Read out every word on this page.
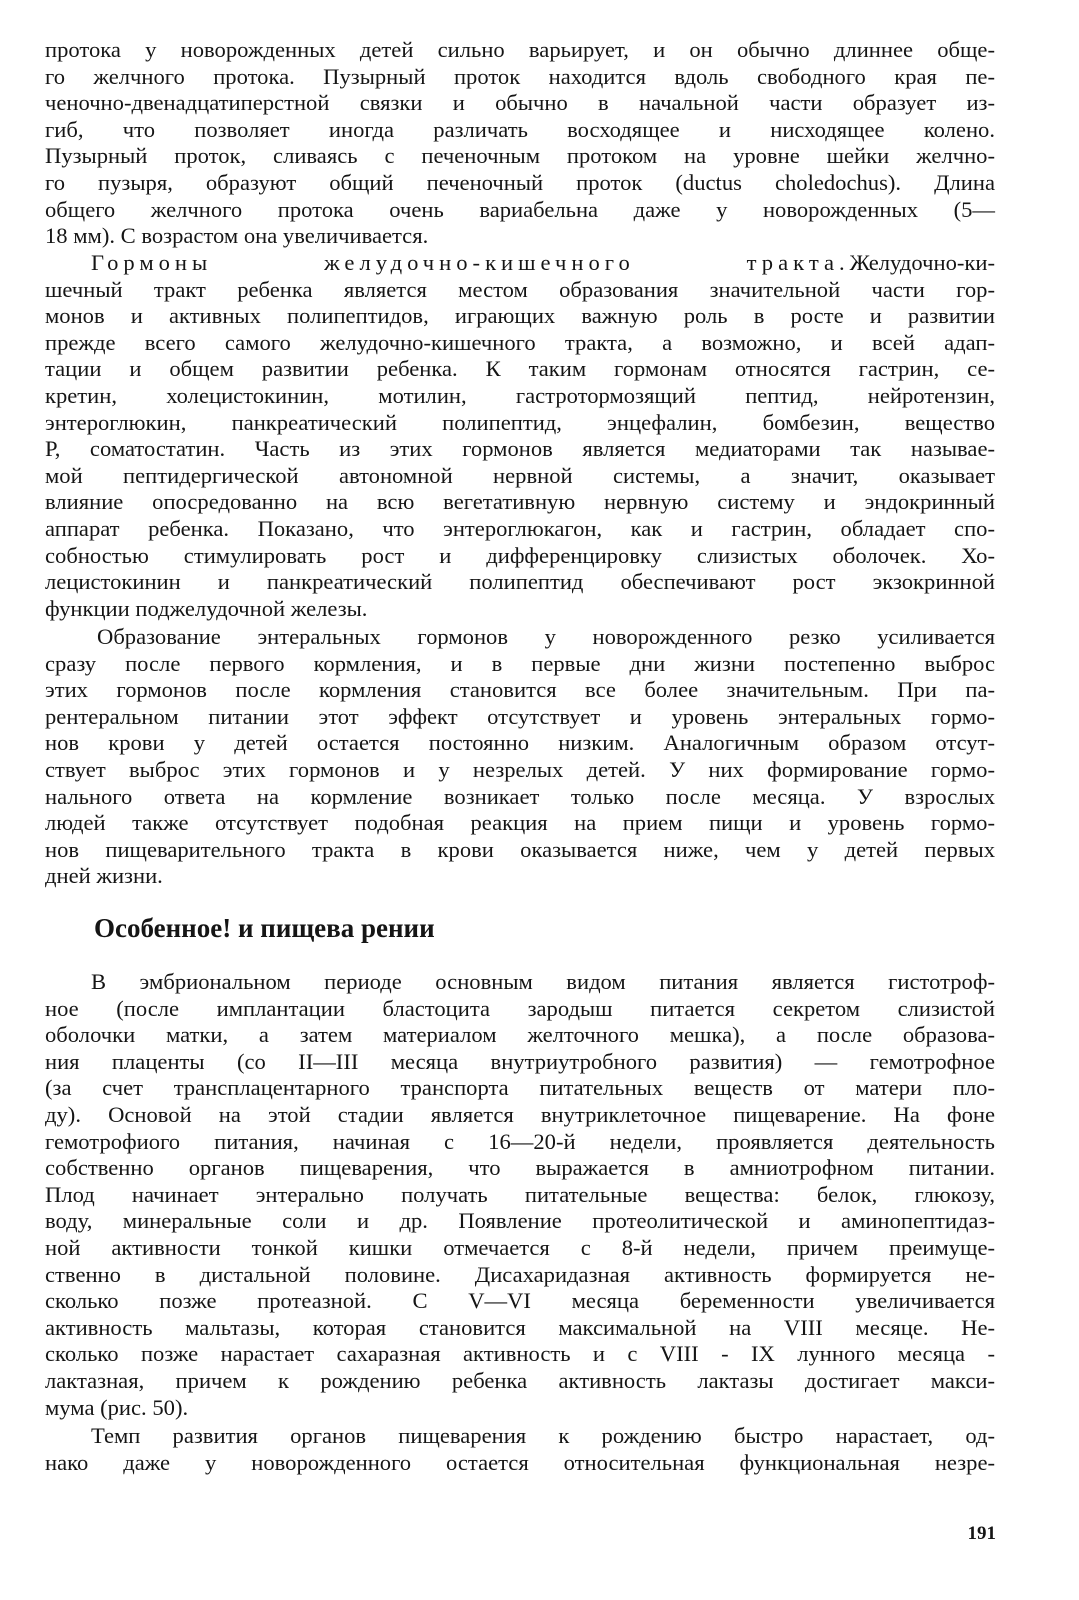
протока у новорожденных детей сильно варьирует, и он обычно длиннее обще-
го желчного протока. Пузырный проток находится вдоль свободного края пе-
ченочно-двенадцатиперстной связки и обычно в начальной части образует из-
гиб, что позволяет иногда различать восходящее и нисходящее колено.
Пузырный проток, сливаясь с печеночным протоком на уровне шейки желчно-
го пузыря, образуют общий печеночный проток (ductus choledochus). Длина
общего желчного протока очень вариабельна даже у новорожденных (5—
18 мм). С возрастом она увеличивается.
Гормоны желудочно-кишечного тракта. Желудочно-ки-
шечный тракт ребенка является местом образования значительной части гор-
монов и активных полипептидов, играющих важную роль в росте и развитии
прежде всего самого желудочно-кишечного тракта, а возможно, и всей адап-
тации и общем развитии ребенка. К таким гормонам относятся гастрин, се-
кретин, холецистокинин, мотилин, гастротормозящий пептид, нейротензин,
энтероглюкин, панкреатический полипептид, энцефалин, бомбезин, вещество
Р, соматостатин. Часть из этих гормонов является медиаторами так называе-
мой пептидергической автономной нервной системы, а значит, оказывает
влияние опосредованно на всю вегетативную нервную систему и эндокринный
аппарат ребенка. Показано, что энтероглюкагон, как и гастрин, обладает спо-
собностью стимулировать рост и дифференцировку слизистых оболочек. Хо-
лецистокинин и панкреатический полипептид обеспечивают рост экзокринной
функции поджелудочной железы.
Образование энтеральных гормонов у новорожденного резко усиливается
сразу после первого кормления, и в первые дни жизни постепенно выброс
этих гормонов после кормления становится все более значительным. При па-
рентеральном питании этот эффект отсутствует и уровень энтеральных гормо-
нов крови у детей остается постоянно низким. Аналогичным образом отсут-
ствует выброс этих гормонов и у незрелых детей. У них формирование гормо-
нального ответа на кормление возникает только после месяца. У взрослых
людей также отсутствует подобная реакция на прием пищи и уровень гормо-
нов пищеварительного тракта в крови оказывается ниже, чем у детей первых
дней жизни.
Особенное! и пищева рении
В эмбриональном периоде основным видом питания является гистотроф-
ное (после имплантации бластоцита зародыш питается секретом слизистой
оболочки матки, а затем материалом желточного мешка), а после образова-
ния плаценты (со II—III месяца внутриутробного развития) — гемотрофное
(за счет трансплацентарного транспорта питательных веществ от матери пло-
ду). Основой на этой стадии является внутриклеточное пищеварение. На фоне
гемотрофиого питания, начиная с 16—20-й недели, проявляется деятельность
собственно органов пищеварения, что выражается в амниотрофном питании.
Плод начинает энтерально получать питательные вещества: белок, глюкозу,
воду, минеральные соли и др. Появление протеолитической и аминопептидаз-
ной активности тонкой кишки отмечается с 8-й недели, причем преимуще-
ственно в дистальной половине. Дисахаридазная активность формируется не-
сколько позже протеазной. С V—VI месяца беременности увеличивается
активность мальтазы, которая становится максимальной на VIII месяце. Не-
сколько позже нарастает сахаразная активность и с VIII - IX лунного месяца -
лактазная, причем к рождению ребенка активность лактазы достигает макси-
мума (рис. 50).
Темп развития органов пищеварения к рождению быстро нарастает, од-
нако даже у новорожденного остается относительная функциональная незре-
191
